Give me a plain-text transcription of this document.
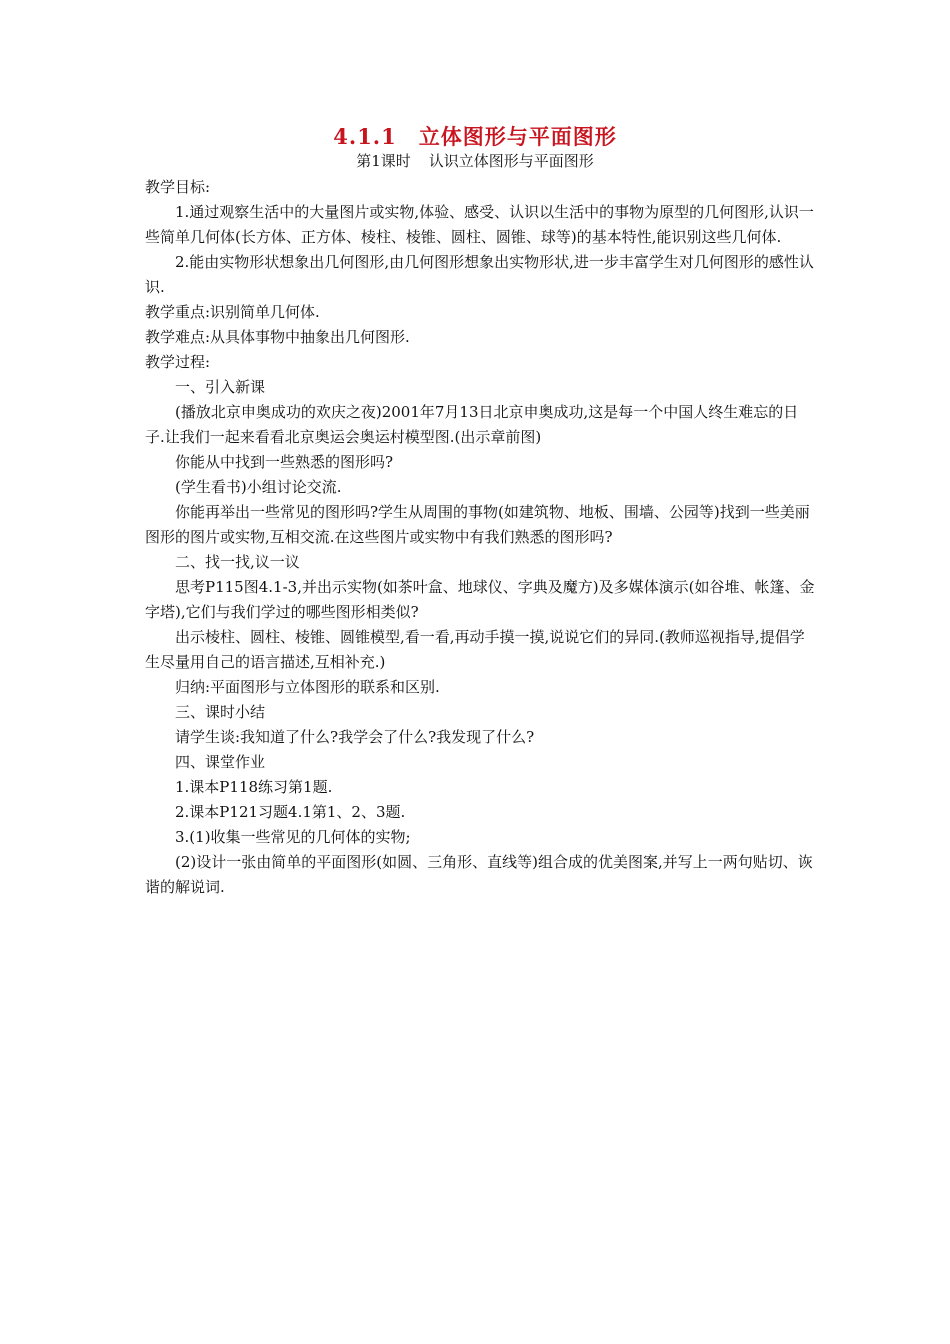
4.1.1 立体图形与平面图形
第1课时 认识立体图形与平面图形

教学目标:

1.通过观察生活中的大量图片或实物,体验、感受、认识以生活中的事物为原型的几何图形,认识一些简单几何体(长方体、正方体、棱柱、棱锥、圆柱、圆锥、球等)的基本特性,能识别这些几何体.

2.能由实物形状想象出几何图形,由几何图形想象出实物形状,进一步丰富学生对几何图形的感性认识.

教学重点:识别简单几何体.

教学难点:从具体事物中抽象出几何图形.

教学过程:

一、引入新课

(播放北京申奥成功的欢庆之夜)2001年7月13日北京申奥成功,这是每一个中国人终生难忘的日子.让我们一起来看看北京奥运会奥运村模型图.(出示章前图)

你能从中找到一些熟悉的图形吗?

(学生看书)小组讨论交流.

你能再举出一些常见的图形吗?学生从周围的事物(如建筑物、地板、围墙、公园等)找到一些美丽图形的图片或实物,互相交流.在这些图片或实物中有我们熟悉的图形吗?

二、找一找,议一议

思考P115图4.1-3,并出示实物(如茶叶盒、地球仪、字典及魔方)及多媒体演示(如谷堆、帐篷、金字塔),它们与我们学过的哪些图形相类似?

出示棱柱、圆柱、棱锥、圆锥模型,看一看,再动手摸一摸,说说它们的异同.(教师巡视指导,提倡学生尽量用自己的语言描述,互相补充.)

归纳:平面图形与立体图形的联系和区别.

三、课时小结

请学生谈:我知道了什么?我学会了什么?我发现了什么?

四、课堂作业

1.课本P118练习第1题.

2.课本P121习题4.1第1、2、3题.

3.(1)收集一些常见的几何体的实物;

(2)设计一张由简单的平面图形(如圆、三角形、直线等)组合成的优美图案,并写上一两句贴切、诙谐的解说词.
